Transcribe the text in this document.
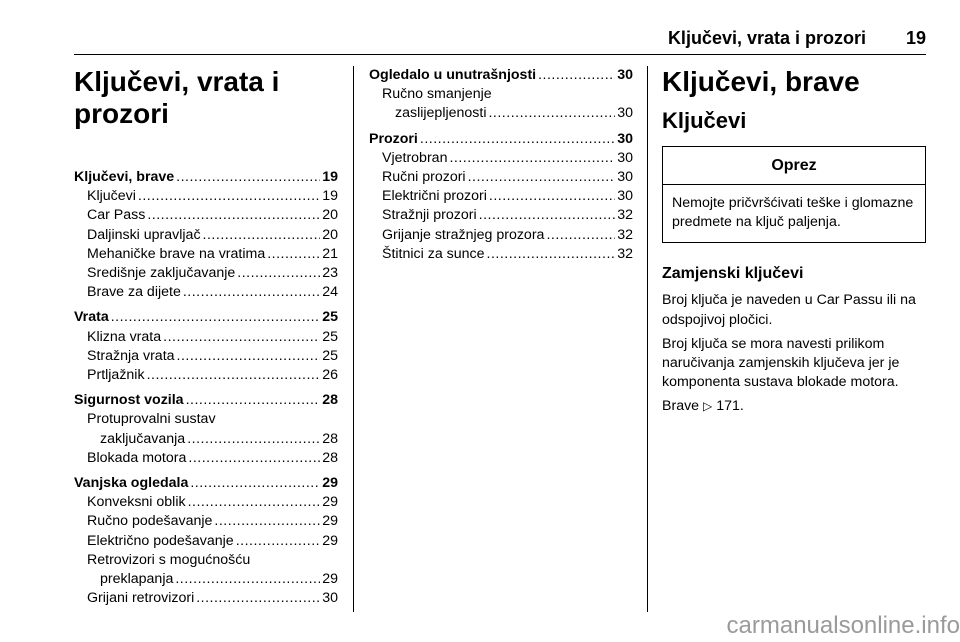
Ključevi, vrata i prozori 19
Ključevi, vrata i
prozori
Ključevi, brave .....	19
Ključevi .....	19
Car Pass .....	20
Daljinski upravljač .....	20
Mehaničke brave na vratima .....	21
Središnje zaključavanje .....	23
Brave za dijete .....	24
Vrata .....	25
Klizna vrata .....	25
Stražnja vrata .....	25
Prtljažnik .....	26
Sigurnost vozila .....	28
Protuprovalni sustav
zaključavanja .....	28
Blokada motora .....	28
Vanjska ogledala .....	29
Konveksni oblik .....	29
Ručno podešavanje .....	29
Električno podešavanje .....	29
Retrovizori s mogućnošću
preklapanja .....	29
Grijani retrovizori .....	30
Ogledalo u unutrašnjosti .....	30
Ručno smanjenje
zaslijepljenosti .....	30
Prozori .....	30
Vjetrobran .....	30
Ručni prozori .....	30
Električni prozori .....	30
Stražnji prozori .....	32
Grijanje stražnjeg prozora .....	32
Štitnici za sunce .....	32
Ključevi, brave
Ključevi
Oprez
Nemojte pričvršćivati teške i glomazne predmete na ključ paljenja.
Zamjenski ključevi

Broj ključa je naveden u Car Passu ili na odspojivoj pločici.

Broj ključa se mora navesti prilikom naručivanja zamjenskih ključeva jer je komponenta sustava blokade motora.

Brave ▷ 171.

carmanualsonline.info
